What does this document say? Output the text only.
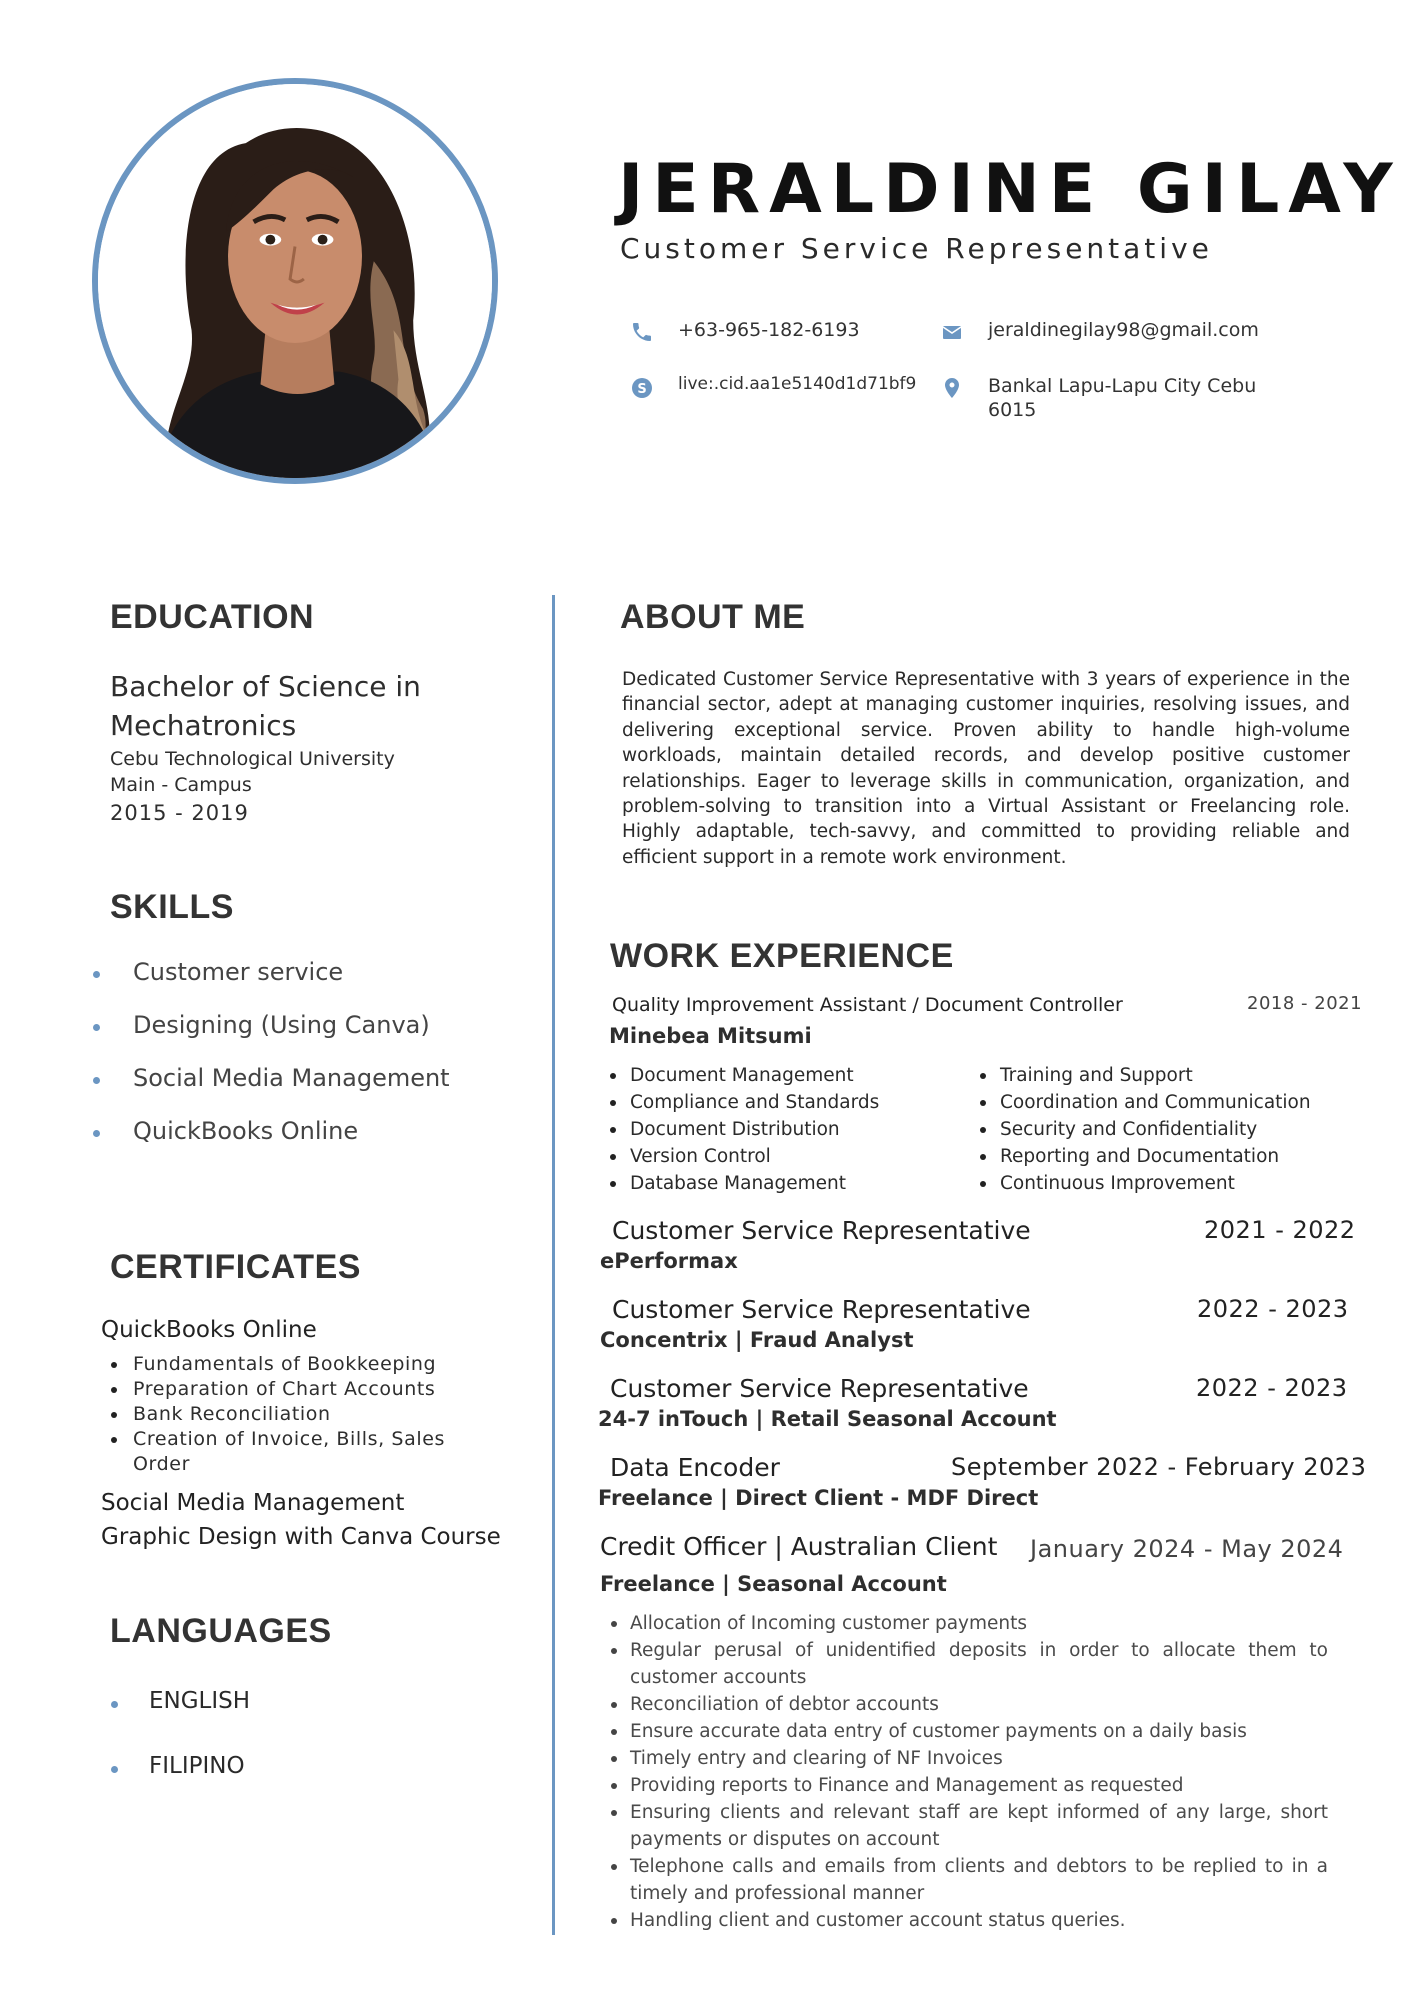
JERALDINE GILAY
Customer Service Representative
+63-965-182-6193	jeraldinegilay98@gmail.com
S live:.cid.aa1e5140d1d71bf9	Bankal Lapu-Lapu City Cebu 6015
EDUCATION
Bachelor of Science in Mechatronics
Cebu Technological University
Main - Campus
2015 - 2019
SKILLS
Customer service
Designing (Using Canva)
Social Media Management
QuickBooks Online
CERTIFICATES
QuickBooks Online
Fundamentals of Bookkeeping
Preparation of Chart Accounts
Bank Reconciliation
Creation of Invoice, Bills, Sales Order
Social Media Management
Graphic Design with Canva Course
LANGUAGES
ENGLISH
FILIPINO
ABOUT ME
Dedicated Customer Service Representative with 3 years of experience in the financial sector, adept at managing customer inquiries, resolving issues, and delivering exceptional service. Proven ability to handle high-volume workloads, maintain detailed records, and develop positive customer relationships. Eager to leverage skills in communication, organization, and problem-solving to transition into a Virtual Assistant or Freelancing role. Highly adaptable, tech-savvy, and committed to providing reliable and efficient support in a remote work environment.
WORK EXPERIENCE
Quality Improvement Assistant / Document Controller	2018 - 2021
Minebea Mitsumi
Document Management
Compliance and Standards
Document Distribution
Version Control
Database Management
Training and Support
Coordination and Communication
Security and Confidentiality
Reporting and Documentation
Continuous Improvement
Customer Service Representative	2021 - 2022
ePerformax
Customer Service Representative	2022 - 2023
Concentrix | Fraud Analyst
Customer Service Representative	2022 - 2023
24-7 inTouch | Retail Seasonal Account
Data Encoder	September 2022 - February 2023
Freelance | Direct Client - MDF Direct
Credit Officer | Australian Client January 2024 - May 2024
Freelance | Seasonal Account
Allocation of Incoming customer payments
Regular perusal of unidentified deposits in order to allocate them to customer accounts
Reconciliation of debtor accounts
Ensure accurate data entry of customer payments on a daily basis
Timely entry and clearing of NF Invoices
Providing reports to Finance and Management as requested
Ensuring clients and relevant staff are kept informed of any large, short payments or disputes on account
Telephone calls and emails from clients and debtors to be replied to in a timely and professional manner
Handling client and customer account status queries.
